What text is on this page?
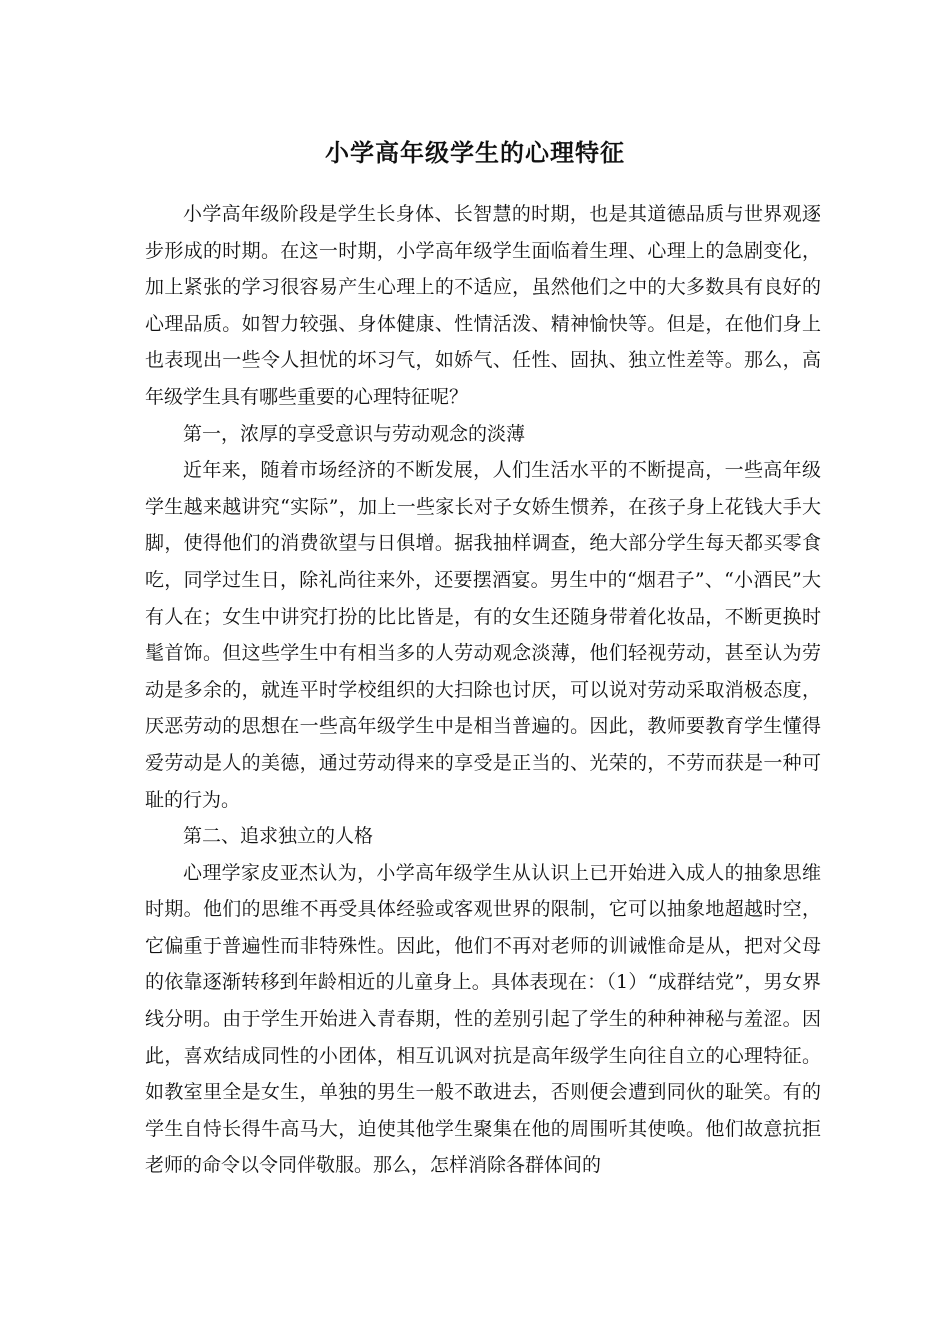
小学高年级学生的心理特征

小学高年级阶段是学生长身体、长智慧的时期，也是其道德品质与世界观逐步形成的时期。在这一时期，小学高年级学生面临着生理、心理上的急剧变化，加上紧张的学习很容易产生心理上的不适应，虽然他们之中的大多数具有良好的心理品质。如智力较强、身体健康、性情活泼、精神愉快等。但是，在他们身上也表现出一些令人担忧的坏习气，如娇气、任性、固执、独立性差等。那么，高年级学生具有哪些重要的心理特征呢？

第一，浓厚的享受意识与劳动观念的淡薄

近年来，随着市场经济的不断发展，人们生活水平的不断提高，一些高年级学生越来越讲究“实际”，加上一些家长对子女娇生惯养，在孩子身上花钱大手大脚，使得他们的消费欲望与日俱增。据我抽样调查，绝大部分学生每天都买零食吃，同学过生日，除礼尚往来外，还要摆酒宴。男生中的“烟君子”、“小酒民”大有人在；女生中讲究打扮的比比皆是，有的女生还随身带着化妆品，不断更换时髦首饰。但这些学生中有相当多的人劳动观念淡薄，他们轻视劳动，甚至认为劳动是多余的，就连平时学校组织的大扫除也讨厌，可以说对劳动采取消极态度，厌恶劳动的思想在一些高年级学生中是相当普遍的。因此，教师要教育学生懂得爱劳动是人的美德，通过劳动得来的享受是正当的、光荣的，不劳而获是一种可耻的行为。

第二、追求独立的人格

心理学家皮亚杰认为，小学高年级学生从认识上已开始进入成人的抽象思维时期。他们的思维不再受具体经验或客观世界的限制，它可以抽象地超越时空，它偏重于普遍性而非特殊性。因此，他们不再对老师的训诫惟命是从，把对父母的依靠逐渐转移到年龄相近的儿童身上。具体表现在：（1）“成群结党”，男女界线分明。由于学生开始进入青春期，性的差别引起了学生的种种神秘与羞涩。因此，喜欢结成同性的小团体，相互讥讽对抗是高年级学生向往自立的心理特征。如教室里全是女生，单独的男生一般不敢进去，否则便会遭到同伙的耻笑。有的学生自恃长得牛高马大，迫使其他学生聚集在他的周围听其使唤。他们故意抗拒老师的命令以令同伴敬服。那么，怎样消除各群体间的
